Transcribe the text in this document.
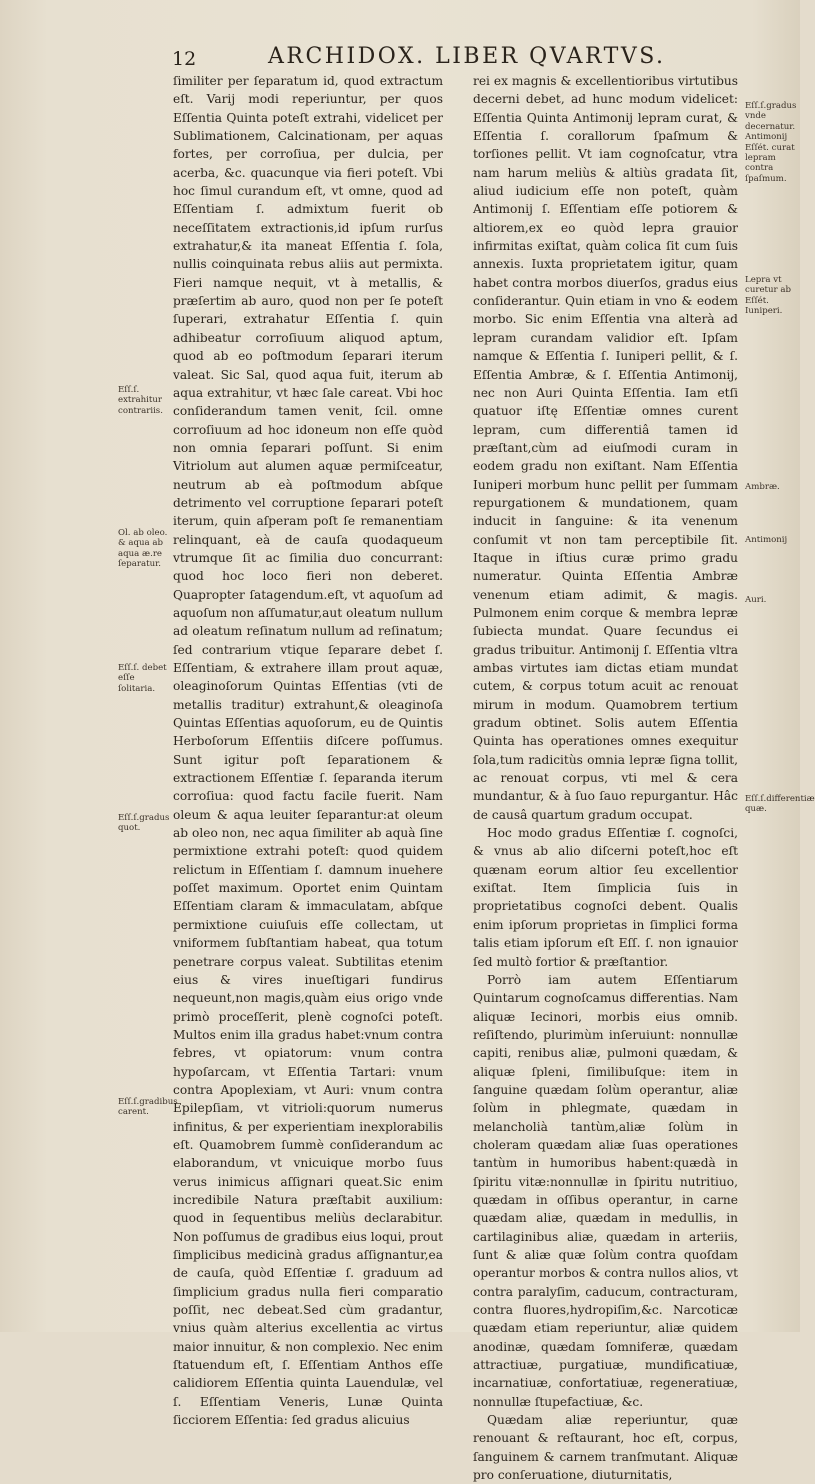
12	ARCHIDOX. LIBER QVARTVS.

ſimiliter per ſeparatum id, quod extractum eſt. Varij modi reperiuntur, per quos Eſſentia Quinta poteſt extrahi, videlicet per Sublimationem, Calcinationam, per aquas fortes, per corroſiua, per dulcia, per acerba, &c. quacunque via fieri poteſt. Vbi hoc ſimul curandum eſt, vt omne, quod ad Eſſentiam ſ. admixtum fuerit ob neceſſitatem extractionis,id ipſum rurſus extrahatur,& ita maneat Eſſentia ſ. ſola, nullis coinquinata rebus aliis aut permixta. Fieri namque nequit, vt à metallis, & præſertim ab auro, quod non per ſe poteſt ſuperari, extrahatur Eſſentia ſ. quin adhibeatur corroſiuum aliquod aptum, quod ab eo poſtmodum ſeparari iterum valeat. Sic Sal, quod aqua fuit, iterum ab aqua extrahitur, vt hæc ſale careat. Vbi hoc conſiderandum tamen venit, ſcil. omne corroſiuum ad hoc idoneum non eſſe quòd non omnia ſeparari poſſunt. Si enim Vitriolum aut alumen aquæ permiſceatur, neutrum ab eà poſtmodum abſque detrimento vel corruptione ſeparari poteſt iterum, quin aſperam poſt ſe remanentiam relinquant, eà de cauſa quodaqueum vtrumque ſit ac ſimilia duo concurrant: quod hoc loco fieri non deberet. Quapropter ſatagendum.eſt, vt aquoſum ad aquoſum non aſſumatur,aut oleatum nullum ad oleatum reſinatum nullum ad reſinatum; ſed contrarium vtique ſeparare debet ſ. Eſſentiam, & extrahere illam prout aquæ, oleaginoſorum Quintas Eſſentias (vti de metallis traditur) extrahunt,& oleaginoſa Quintas Eſſentias aquoſorum, eu de Quintis Herboſorum Eſſentiis diſcere poſſumus. Sunt igitur poſt ſeparationem & extractionem Eſſentiæ ſ. ſeparanda iterum corroſiua: quod factu facile fuerit. Nam oleum & aqua leuiter ſeparantur:at oleum ab oleo non, nec aqua ſimiliter ab aquà ſine permixtione extrahi poteſt: quod quidem relictum in Eſſentiam ſ. damnum inuehere poſſet maximum. Oportet enim Quintam Eſſentiam claram & immaculatam, abſque permixtione cuiuſuis eſſe collectam, ut vniformem ſubſtantiam habeat, qua totum penetrare corpus valeat. Subtilitas etenim eius & vires inueſtigari fundirus nequeunt,non magis,quàm eius origo vnde primò proceſſerit, plenè cognoſci poteſt. Multos enim illa gradus habet:vnum contra febres, vt opiatorum: vnum contra hypoſarcam, vt Eſſentia Tartari: vnum contra Apoplexiam, vt Auri: vnum contra Epilepſiam, vt vitrioli:quorum numerus infinitus, & per experientiam inexplorabilis eſt. Quamobrem ſummè conſiderandum ac elaborandum, vt vnicuique morbo ſuus verus inimicus aſſignari queat.Sic enim incredibile Natura præſtabit auxilium: quod in ſequentibus meliùs declarabitur. Non poſſumus de gradibus eius loqui, prout ſimplicibus medicinà gradus aſſignantur,ea de cauſa, quòd Eſſentiæ ſ. graduum ad ſimplicium gradus nulla fieri comparatio poſſit, nec debeat.Sed cùm gradantur, vnius quàm alterius excellentia ac virtus maior innuitur, & non complexio. Nec enim ſtatuendum eſt, ſ. Eſſentiam Anthos eſſe calidiorem Eſſentia quinta Lauendulæ, vel ſ. Eſſentiam Veneris, Lunæ Quinta ſicciorem Eſſentia: ſed gradus alicuius

rei ex magnis & excellentioribus virtutibus decerni debet, ad hunc modum videlicet: Eſſentia Quinta Antimonij lepram curat, & Eſſentia ſ. corallorum ſpaſmum & torſiones pellit. Vt iam cognoſcatur, vtra nam harum meliùs & altiùs gradata ſit, aliud iudicium eſſe non poteſt, quàm Antimonij ſ. Eſſentiam eſſe potiorem & altiorem,ex eo quòd lepra grauior infirmitas exiſtat, quàm colica ſit cum ſuis annexis. Iuxta proprietatem igitur, quam habet contra morbos diuerſos, gradus eius conſiderantur. Quin etiam in vno & eodem morbo. Sic enim Eſſentia vna alterà ad lepram curandam validior eſt. Ipſam namque & Eſſentia ſ. Iuniperi pellit, & ſ. Eſſentia Ambræ, & ſ. Eſſentia Antimonij, nec non Auri Quinta Eſſentia. Iam etſi quatuor iſtę Eſſentiæ omnes curent lepram, cum differentiâ tamen id præſtant,cùm ad eiuſmodi curam in eodem gradu non exiſtant. Nam Eſſentia Iuniperi morbum hunc pellit per ſummam repurgationem & mundationem, quam inducit in ſanguine: & ita venenum conſumit vt non tam perceptibile ſit. Itaque in iſtius curæ primo gradu numeratur. Quinta Eſſentia Ambræ venenum etiam adimit, & magis. Pulmonem enim corque & membra lepræ ſubiecta mundat. Quare ſecundus ei gradus tribuitur. Antimonij ſ. Eſſentia vltra ambas virtutes iam dictas etiam mundat cutem, & corpus totum acuit ac renouat mirum in modum. Quamobrem tertium gradum obtinet. Solis autem Eſſentia Quinta has operationes omnes exequitur ſola,tum radicitùs omnia lepræ ſigna tollit, ac renouat corpus, vti mel & cera mundantur, & à ſuo ſauo repurgantur. Hâc de causâ quartum gradum occupat.

Hoc modo gradus Eſſentiæ ſ. cognoſci, & vnus ab alio diſcerni poteſt,hoc eſt quænam eorum altior ſeu excellentior exiſtat. Item ſimplicia ſuis in proprietatibus cognoſci debent. Qualis enim ipſorum proprietas in ſimplici forma talis etiam ipſorum eſt Eſſ. ſ. non ignauior ſed multò fortior & præſtantior.

Porrò iam autem Eſſentiarum Quintarum cognoſcamus differentias. Nam aliquæ Iecinori, morbis eius omnib. reſiſtendo, plurimùm inſeruiunt: nonnullæ capiti, renibus aliæ, pulmoni quædam, & aliquæ ſpleni, ſimilibuſque: item in ſanguine quædam ſolùm operantur, aliæ ſolùm in phlegmate, quædam in melancholià tantùm,aliæ ſolùm in choleram quædam aliæ ſuas operationes tantùm in humoribus habent:quædà in ſpiritu vitæ:nonnullæ in ſpiritu nutritiuo, quædam in oſſibus operantur, in carne quædam aliæ, quædam in medullis, in cartilaginibus aliæ, quædam in arteriis, ſunt & aliæ quæ ſolùm contra quoſdam operantur morbos & contra nullos alios, vt contra paralyſim, caducum, contracturam, contra fluores,hydropiſim,&c. Narcoticæ quædam etiam reperiuntur, aliæ quidem anodinæ, quædam ſomniferæ, quædam attractiuæ, purgatiuæ, mundificatiuæ, incarnatiuæ, confortatiuæ, regeneratiuæ, nonnullæ ſtupefactiuæ, &c.

Quædam aliæ reperiuntur, quæ renouant & reſtaurant, hoc eſt, corpus, ſanguinem & carnem tranſmutant. Aliquæ pro conſeruatione, diuturnitatis,

Eſſ.ſ. extrahitur contrariis.
Ol. ab oleo. & aqua ab aqua æ.re ſeparatur.
Eſſ.ſ. debet eſſe ſolitaria.
Eſſ.ſ.gradus quot.
Eſſ.ſ.gradibus carent.
Eſſ.ſ.gradus vnde decernatur. Antimonij Eſſét. curat lepram contra ſpaſmum.
Lepra vt curetur ab Eſſét. Iuniperi.
Ambræ.
Antimonij
Auri.
Eſſ.ſ.differentiæ quæ.
